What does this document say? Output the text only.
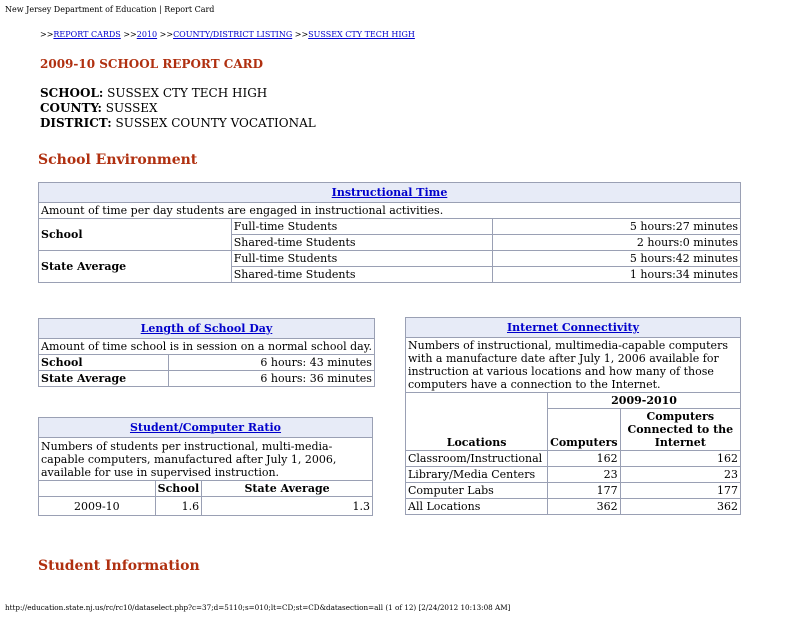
New Jersey Department of Education | Report Card
>>REPORT CARDS >>2010 >>COUNTY/DISTRICT LISTING >>SUSSEX CTY TECH HIGH
2009-10 SCHOOL REPORT CARD
SCHOOL: SUSSEX CTY TECH HIGH
COUNTY: SUSSEX
DISTRICT: SUSSEX COUNTY VOCATIONAL
School Environment
Instructional Time		
Amount of time per day students are engaged in instructional activities.		
School	Full-time Students	5 hours:27 minutes
	Shared-time Students	2 hours:0 minutes
State Average	Full-time Students	5 hours:42 minutes
	Shared-time Students	1 hours:34 minutes
Length of School Day	
Amount of time school is in session on a normal school day.	
School	6 hours: 43 minutes
State Average	6 hours: 36 minutes
Student/Computer Ratio		
Numbers of students per instructional, multi-media-capable computers, manufactured after July 1, 2006, available for use in supervised instruction.		
	School	State Average
2009-10	1.6	1.3
Internet Connectivity		
Numbers of instructional, multimedia-capable computers with a manufacture date after July 1, 2006 available for instruction at various locations and how many of those computers have a connection to the Internet.		
Locations	2009-2010	
	Computers	Computers Connected to the Internet
Classroom/Instructional	162	162
Library/Media Centers	23	23
Computer Labs	177	177
All Locations	362	362
Student Information
http://education.state.nj.us/rc/rc10/dataselect.php?c=37;d=5110;s=010;lt=CD;st=CD&datasection=all (1 of 12) [2/24/2012 10:13:08 AM]
